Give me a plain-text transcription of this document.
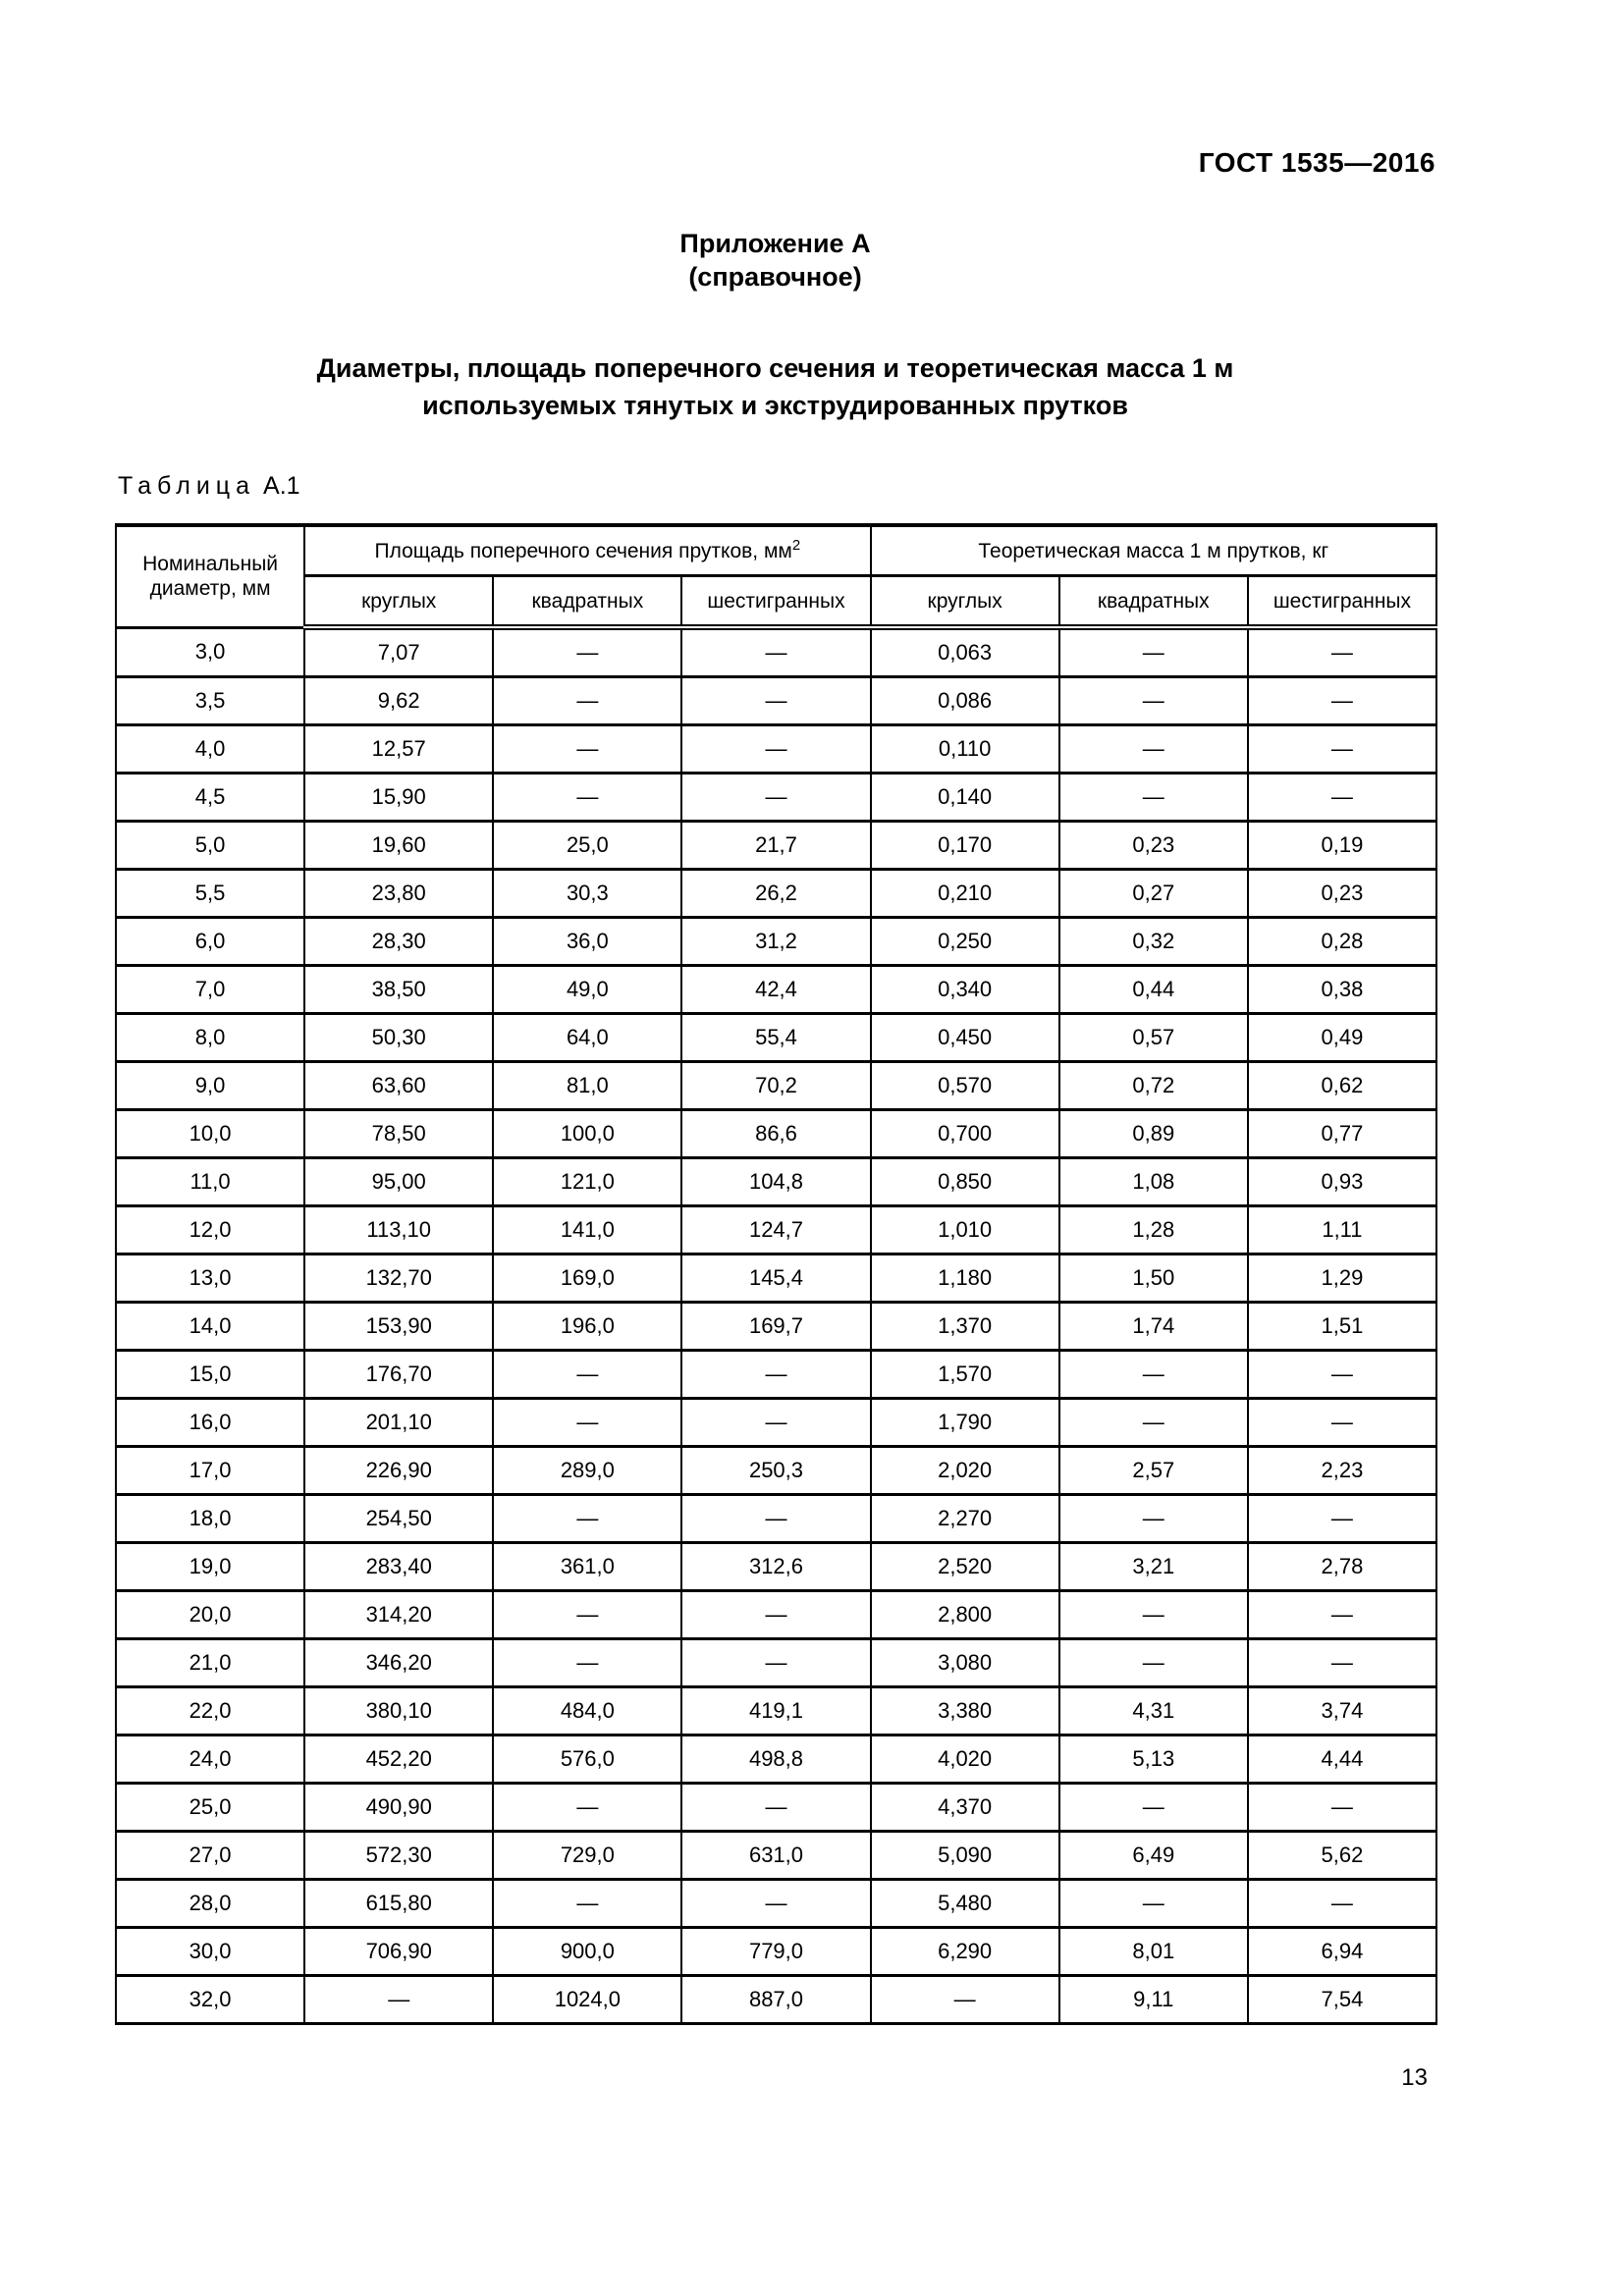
ГОСТ 1535—2016
Приложение А
(справочное)
Диаметры, площадь поперечного сечения и теоретическая масса 1 м
используемых тянутых и экструдированных прутков
Таблица А.1
Номинальный диаметр, мм	Площадь поперечного сечения прутков, $мм^2$			Теоретическая масса 1 м прутков, кг		
	круглых	квадратных	шестигранных	круглых	квадратных	шестигранных
3,0	7,07	—	—	0,063	—	—
3,5	9,62	—	—	0,086	—	—
4,0	12,57	—	—	0,110	—	—
4,5	15,90	—	—	0,140	—	—
5,0	19,60	25,0	21,7	0,170	0,23	0,19
5,5	23,80	30,3	26,2	0,210	0,27	0,23
6,0	28,30	36,0	31,2	0,250	0,32	0,28
7,0	38,50	49,0	42,4	0,340	0,44	0,38
8,0	50,30	64,0	55,4	0,450	0,57	0,49
9,0	63,60	81,0	70,2	0,570	0,72	0,62
10,0	78,50	100,0	86,6	0,700	0,89	0,77
11,0	95,00	121,0	104,8	0,850	1,08	0,93
12,0	113,10	141,0	124,7	1,010	1,28	1,11
13,0	132,70	169,0	145,4	1,180	1,50	1,29
14,0	153,90	196,0	169,7	1,370	1,74	1,51
15,0	176,70	—	—	1,570	—	—
16,0	201,10	—	—	1,790	—	—
17,0	226,90	289,0	250,3	2,020	2,57	2,23
18,0	254,50	—	—	2,270	—	—
19,0	283,40	361,0	312,6	2,520	3,21	2,78
20,0	314,20	—	—	2,800	—	—
21,0	346,20	—	—	3,080	—	—
22,0	380,10	484,0	419,1	3,380	4,31	3,74
24,0	452,20	576,0	498,8	4,020	5,13	4,44
25,0	490,90	—	—	4,370	—	—
27,0	572,30	729,0	631,0	5,090	6,49	5,62
28,0	615,80	—	—	5,480	—	—
30,0	706,90	900,0	779,0	6,290	8,01	6,94
32,0	—	1024,0	887,0	—	9,11	7,54
13
